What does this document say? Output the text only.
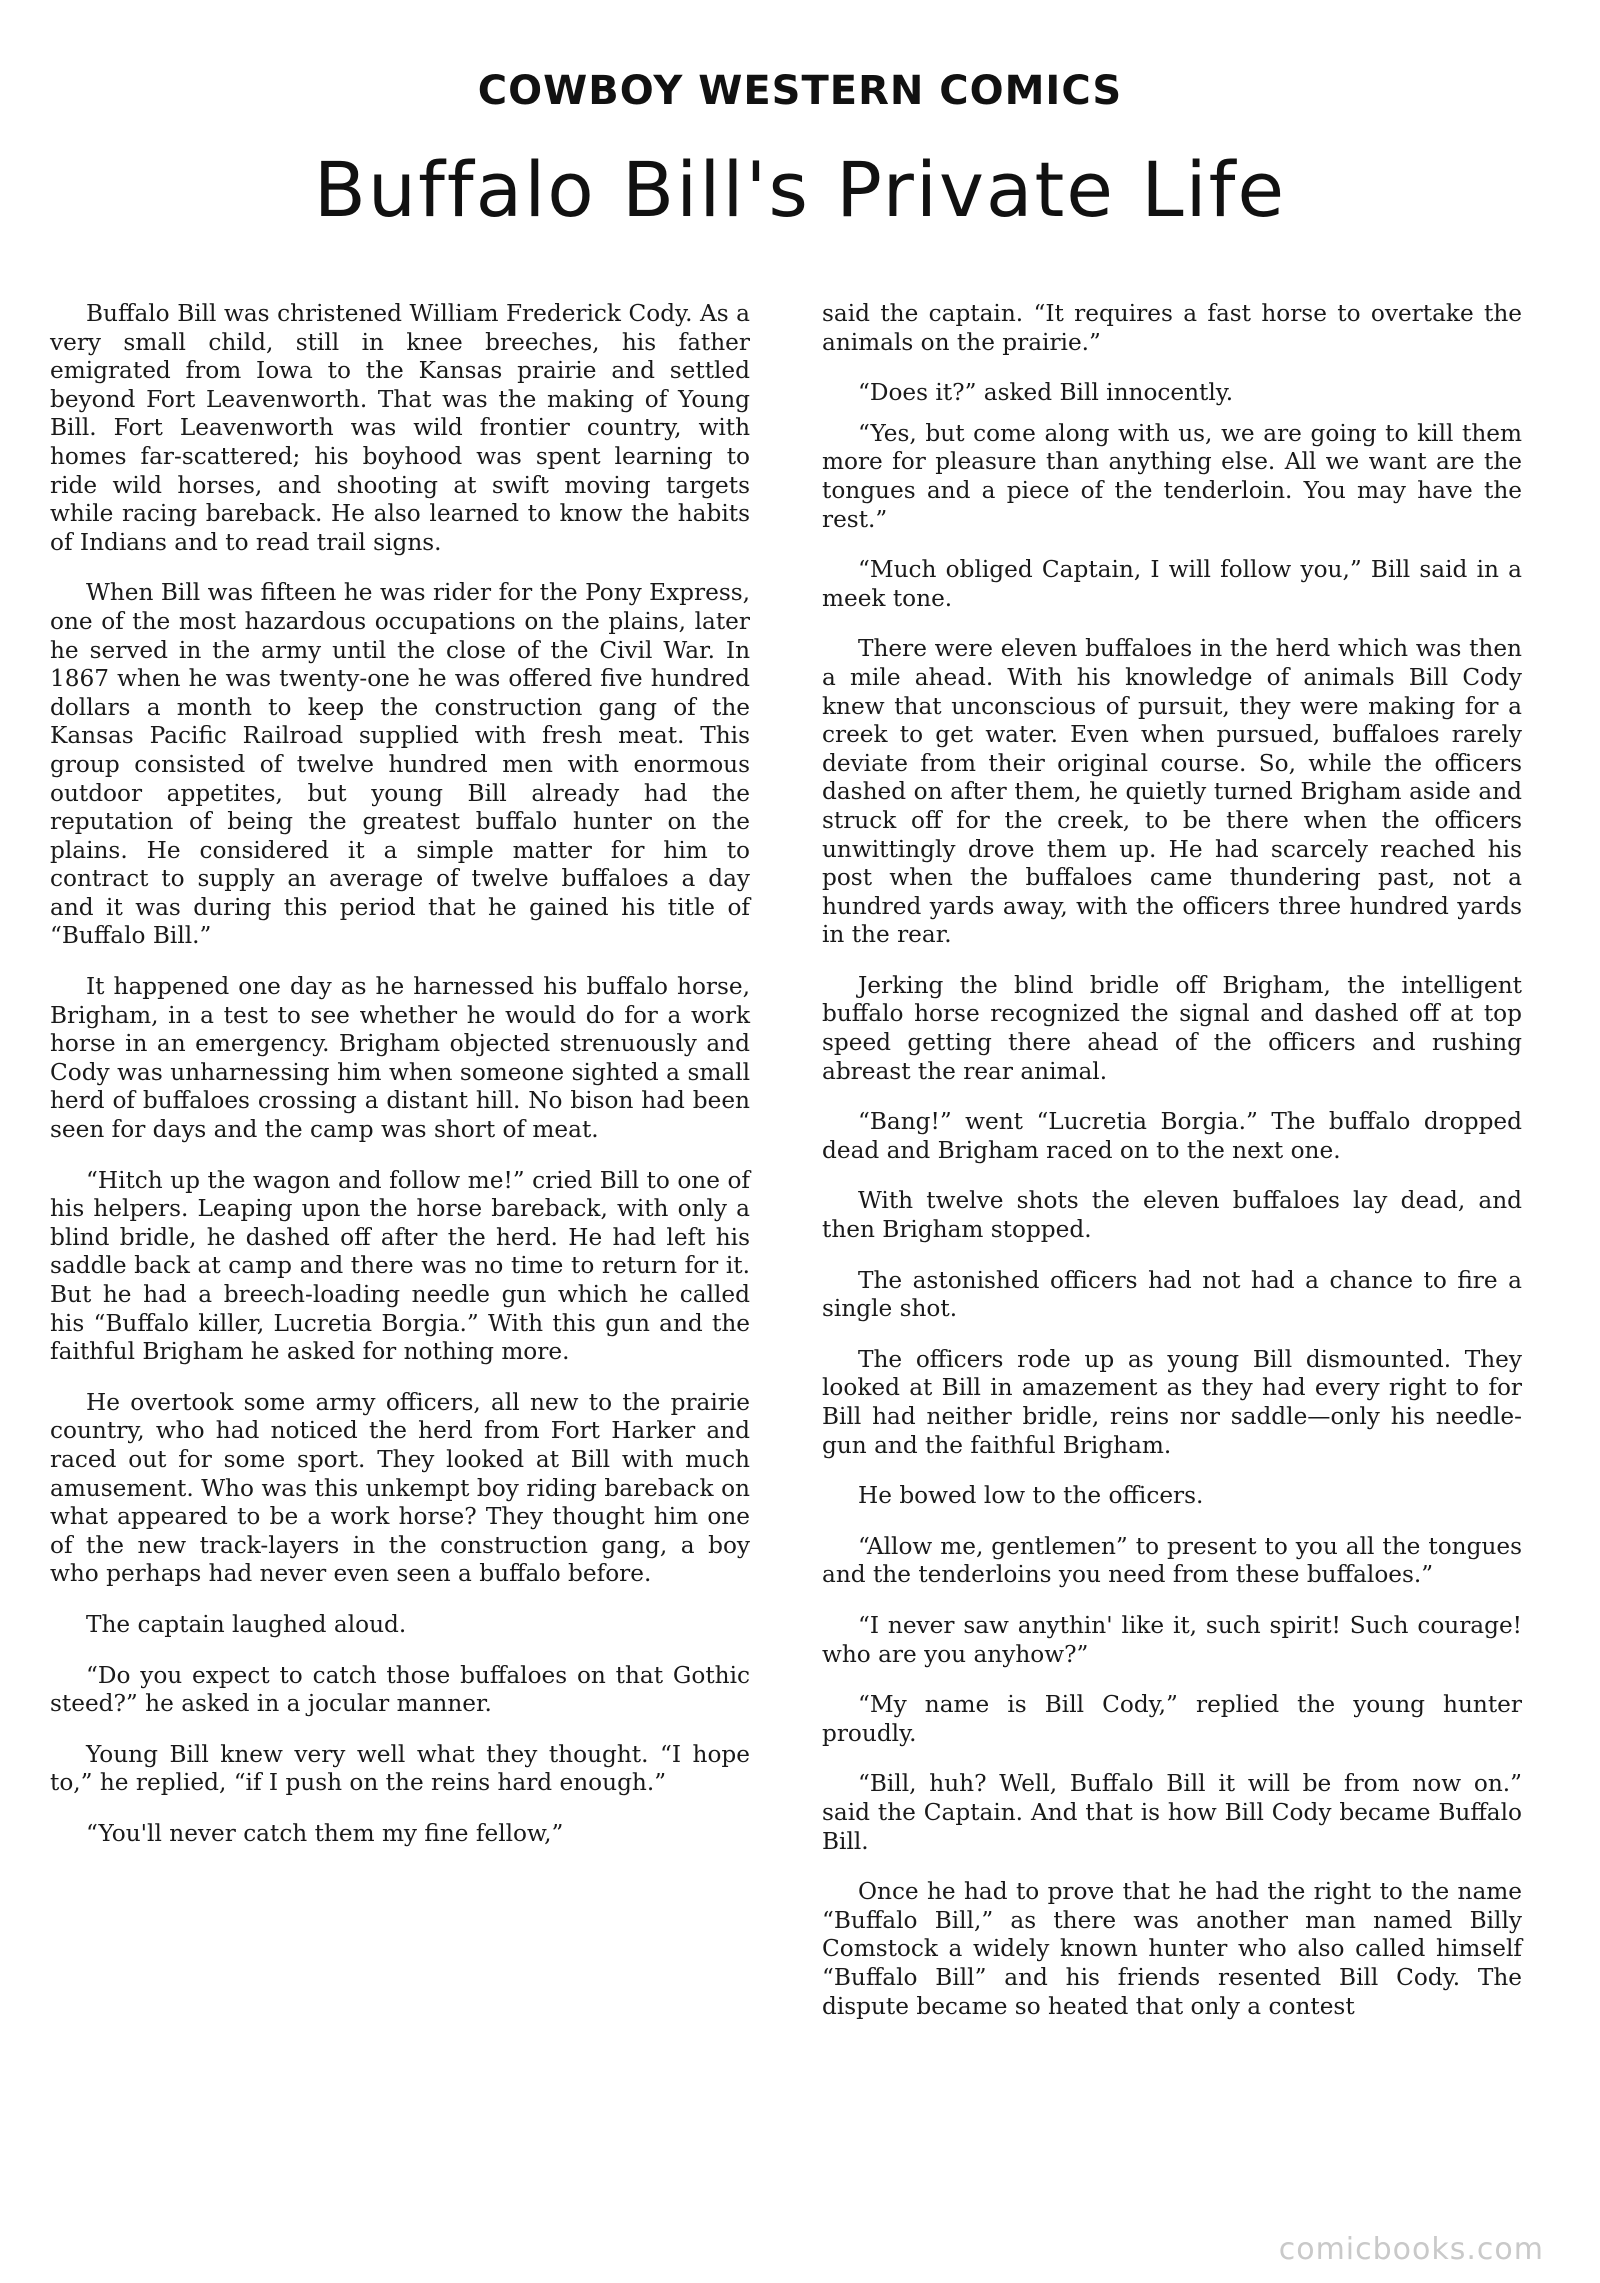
COWBOY WESTERN COMICS
Buffalo Bill's Private Life

Buffalo Bill was christened William Frederick Cody. As a very small child, still in knee breeches, his father emigrated from Iowa to the Kansas prairie and settled beyond Fort Leavenworth. That was the making of Young Bill. Fort Leavenworth was wild frontier country, with homes far-scattered; his boyhood was spent learning to ride wild horses, and shooting at swift moving targets while racing bareback. He also learned to know the habits of Indians and to read trail signs.

When Bill was fifteen he was rider for the Pony Express, one of the most hazardous occupations on the plains, later he served in the army until the close of the Civil War. In 1867 when he was twenty-one he was offered five hundred dollars a month to keep the construction gang of the Kansas Pacific Railroad supplied with fresh meat. This group consisted of twelve hundred men with enormous outdoor appetites, but young Bill already had the reputation of being the greatest buffalo hunter on the plains. He considered it a simple matter for him to contract to supply an average of twelve buffaloes a day and it was during this period that he gained his title of “Buffalo Bill.”

It happened one day as he harnessed his buffalo horse, Brigham, in a test to see whether he would do for a work horse in an emergency. Brigham objected strenuously and Cody was unharnessing him when someone sighted a small herd of buffaloes crossing a distant hill. No bison had been seen for days and the camp was short of meat.

“Hitch up the wagon and follow me!” cried Bill to one of his helpers. Leaping upon the horse bareback, with only a blind bridle, he dashed off after the herd. He had left his saddle back at camp and there was no time to return for it. But he had a breech-loading needle gun which he called his “Buffalo killer, Lucretia Borgia.” With this gun and the faithful Brigham he asked for nothing more.

He overtook some army officers, all new to the prairie country, who had noticed the herd from Fort Harker and raced out for some sport. They looked at Bill with much amusement. Who was this unkempt boy riding bareback on what appeared to be a work horse? They thought him one of the new track-layers in the construction gang, a boy who perhaps had never even seen a buffalo before.

The captain laughed aloud.

“Do you expect to catch those buffaloes on that Gothic steed?” he asked in a jocular manner.

Young Bill knew very well what they thought. “I hope to,” he replied, “if I push on the reins hard enough.”

“You'll never catch them my fine fellow,”

said the captain. “It requires a fast horse to overtake the animals on the prairie.”

“Does it?” asked Bill innocently.

“Yes, but come along with us, we are going to kill them more for pleasure than anything else. All we want are the tongues and a piece of the tenderloin. You may have the rest.”

“Much obliged Captain, I will follow you,” Bill said in a meek tone.

There were eleven buffaloes in the herd which was then a mile ahead. With his knowledge of animals Bill Cody knew that unconscious of pursuit, they were making for a creek to get water. Even when pursued, buffaloes rarely deviate from their original course. So, while the officers dashed on after them, he quietly turned Brigham aside and struck off for the creek, to be there when the officers unwittingly drove them up. He had scarcely reached his post when the buffaloes came thundering past, not a hundred yards away, with the officers three hundred yards in the rear.

Jerking the blind bridle off Brigham, the intelligent buffalo horse recognized the signal and dashed off at top speed getting there ahead of the officers and rushing abreast the rear animal.

“Bang!” went “Lucretia Borgia.” The buffalo dropped dead and Brigham raced on to the next one.

With twelve shots the eleven buffaloes lay dead, and then Brigham stopped.

The astonished officers had not had a chance to fire a single shot.

The officers rode up as young Bill dismounted. They looked at Bill in amazement as they had every right to for Bill had neither bridle, reins nor saddle—only his needle-gun and the faithful Brigham.

He bowed low to the officers.

“Allow me, gentlemen” to present to you all the tongues and the tenderloins you need from these buffaloes.”

“I never saw anythin' like it, such spirit! Such courage! who are you anyhow?”

“My name is Bill Cody,” replied the young hunter proudly.

“Bill, huh? Well, Buffalo Bill it will be from now on.” said the Captain. And that is how Bill Cody became Buffalo Bill.

Once he had to prove that he had the right to the name “Buffalo Bill,” as there was another man named Billy Comstock a widely known hunter who also called himself “Buffalo Bill” and his friends resented Bill Cody. The dispute became so heated that only a contest

comicbooks.com
